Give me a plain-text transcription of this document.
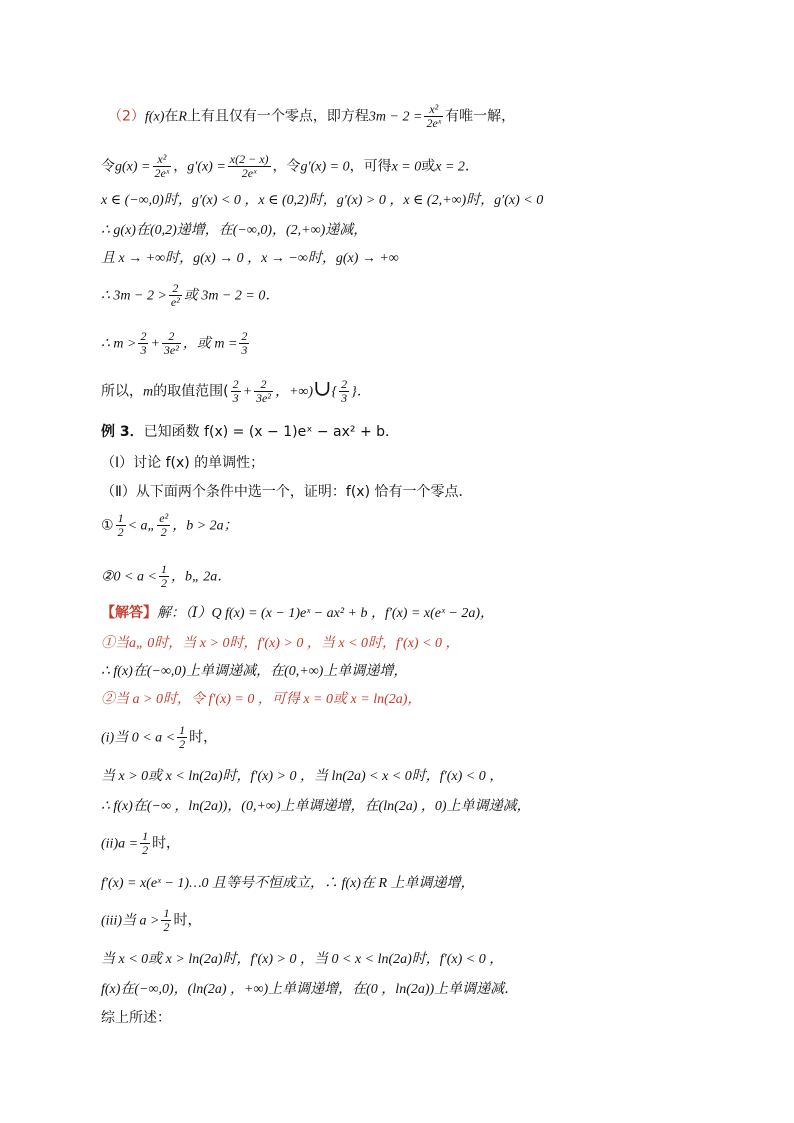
（2）f(x)在R上有且仅有一个零点，即方程$3m - 2 = \frac{\text{x²}}{\text{2eˣ}}$ 有唯一解，
令$g(x) = \frac{\text{x²}}{\text{2eˣ}}$ ，$g'(x) = \frac{x(2 - x)}{\text{2eˣ}}$ ，令g′(x) = 0，可得x = 0或x = 2．
x ∈ (−∞,0)时，g′(x) < 0 ，x ∈ (0,2)时，g′(x) > 0 ，x ∈ (2,+∞)时，g′(x) < 0
∴ g(x)在(0,2)递增，在(−∞,0)，(2,+∞)递减，
且 x → +∞时，g(x) → 0 ，x → −∞时，g(x) → +∞
∴ $3m - 2 > \frac{2}{\text{e²}}$ 或 3m − 2 = 0．
∴ $m > \frac{2}{3} + \frac{2}{\text{3e²}}$ ，或 $m = \frac{2}{3}$
所以，m的取值范围( $\frac{2}{3} + \frac{2}{\text{3e²}}$ ，+∞)∪{ $\frac{2}{3}$ }．
例 3．已知函数 f(x) = (x − 1)eˣ − ax² + b．
（Ⅰ）讨论 f(x) 的单调性；
（Ⅱ）从下面两个条件中选一个，证明：f(x) 恰有一个零点．
① $\frac{1}{2}$ < a„ $\frac{\text{e²}}{2}$ ，b > 2a；
②0 < $a < \frac{1}{2}$ ，b„ 2a．
【解答】解：（Ⅰ）Q f(x) = (x − 1)eˣ − ax² + b ，f′(x) = x(eˣ − 2a)，
①当a„ 0时，当 x > 0时，f′(x) > 0 ，当 x < 0时，f′(x) < 0 ，
∴ f(x)在(−∞,0)上单调递减，在(0,+∞)上单调递增，
②当 a > 0时，令 f′(x) = 0 ，可得 x = 0或 x = ln(2a)，
(i)当 $0 < a < \frac{1}{2}$ 时，
当 x > 0或 x < ln(2a)时，f′(x) > 0 ，当 ln(2a) < x < 0时，f′(x) < 0 ，
∴ f(x)在(−∞ ，ln(2a))，(0,+∞)上单调递增，在(ln(2a) ，0)上单调递减，
$(ii)a = \frac{1}{2}$ 时，
f′(x) = x(eˣ − 1)…0 且等号不恒成立，∴ f(x)在 R 上单调递增，
(iii)当 $a > \frac{1}{2}$ 时，
当 x < 0或 x > ln(2a)时，f′(x) > 0 ，当 0 < x < ln(2a)时，f′(x) < 0 ，
f(x)在(−∞,0)，(ln(2a) ，+∞)上单调递增，在(0 ，ln(2a))上单调递减．
综上所述：
